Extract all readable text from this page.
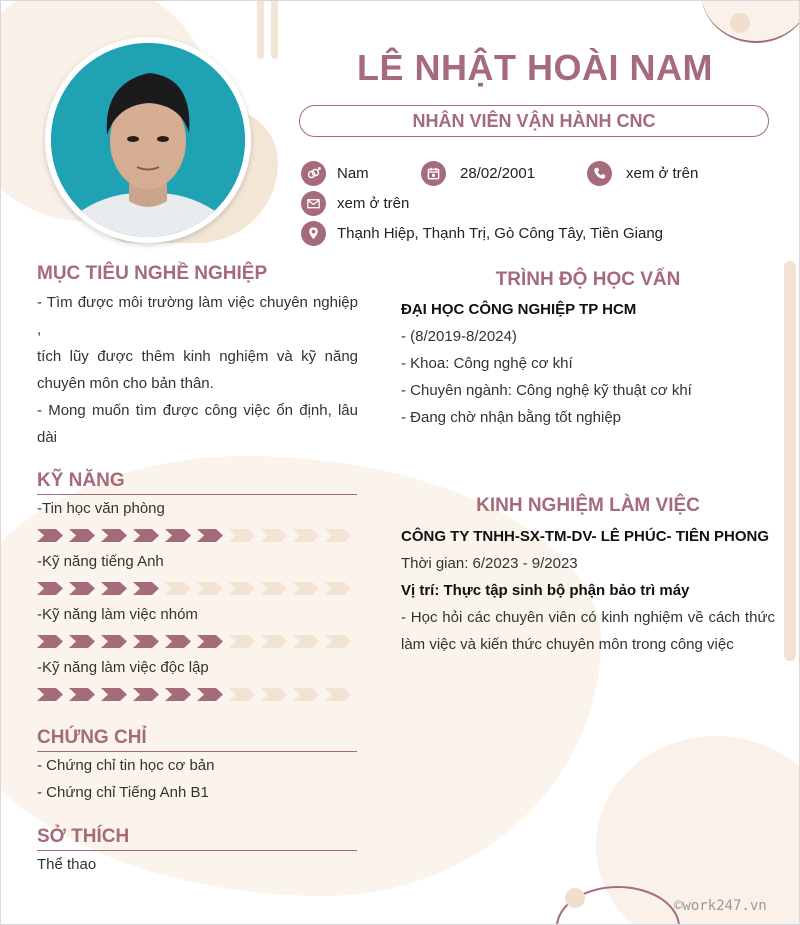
LÊ NHẬT HOÀI NAM
NHÂN VIÊN VẬN HÀNH CNC
Nam	28/02/2001	xem ở trên
xem ở trên
Thạnh Hiệp, Thạnh Trị, Gò Công Tây, Tiền Giang
MỤC TIÊU NGHỀ NGHIỆP
- Tìm được môi trường làm việc chuyên nghiệp ,
tích lũy được thêm kinh nghiệm và kỹ năng
chuyên môn cho bản thân.
- Mong muốn tìm được công việc ổn định, lâu
dài
KỸ NĂNG
-Tin học văn phòng
-Kỹ năng tiếng Anh
-Kỹ năng làm việc nhóm
-Kỹ năng làm việc độc lập
CHỨNG CHỈ
- Chứng chỉ tin học cơ bản
- Chứng chỉ Tiếng Anh B1
SỞ THÍCH
Thể thao
TRÌNH ĐỘ HỌC VẤN
ĐẠI HỌC CÔNG NGHIỆP TP HCM
- (8/2019-8/2024)
- Khoa: Công nghệ cơ khí
- Chuyên ngành: Công nghệ kỹ thuật cơ khí
- Đang chờ nhận bằng tốt nghiệp
KINH NGHIỆM LÀM VIỆC
CÔNG TY TNHH-SX-TM-DV- LÊ PHÚC- TIÊN PHONG
Thời gian: 6/2023 - 9/2023
Vị trí: Thực tập sinh bộ phận bảo trì máy
- Học hỏi các chuyên viên có kinh nghiệm về cách thức
làm việc và kiến thức chuyên môn trong công việc
©work247.vn
